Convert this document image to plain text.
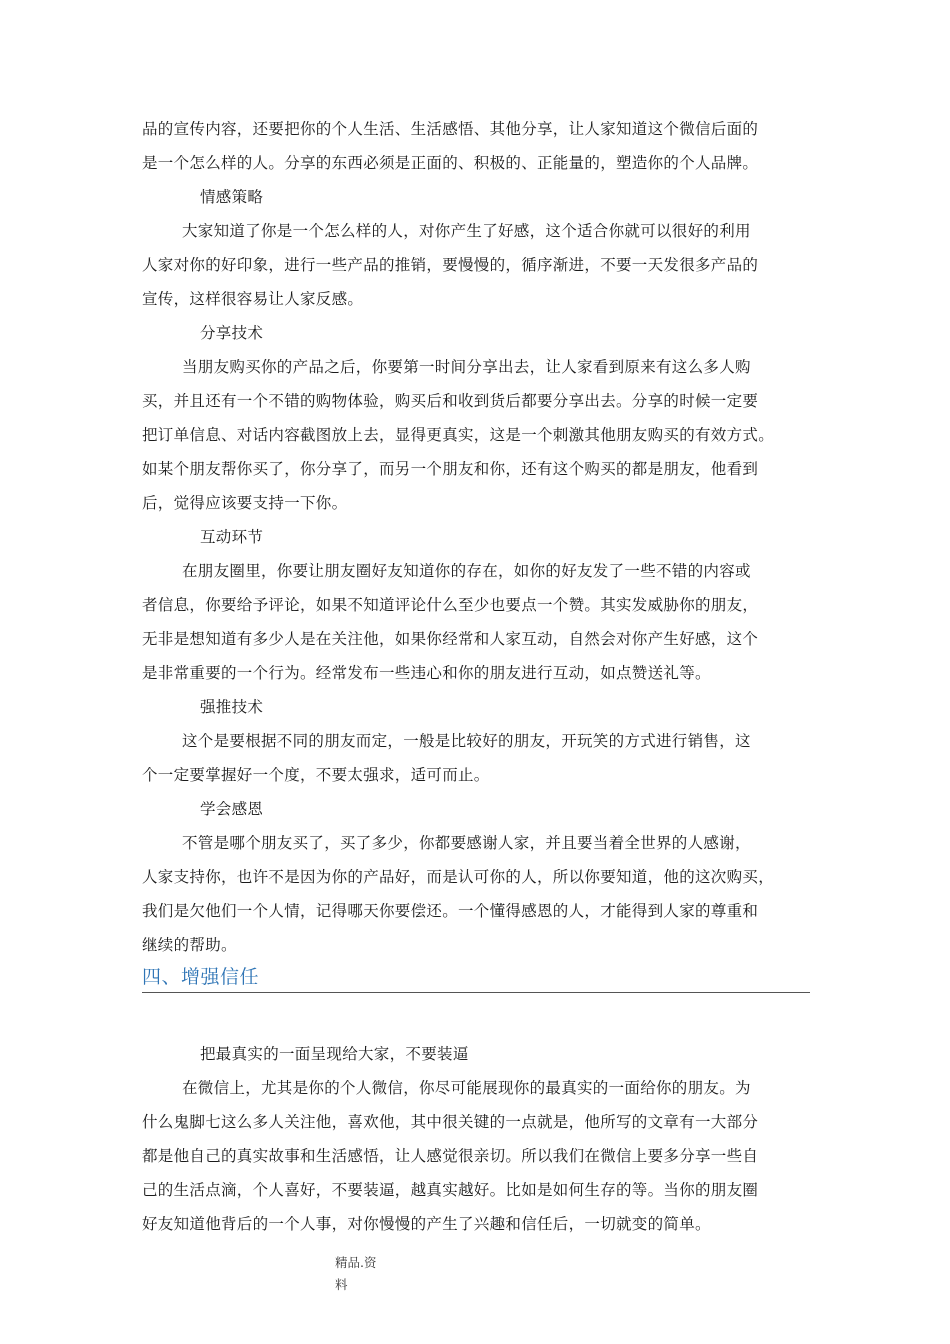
品的宣传内容，还要把你的个人生活、生活感悟、其他分享，让人家知道这个微信后面的
是一个怎么样的人。分享的东西必须是正面的、积极的、正能量的，塑造你的个人品牌。
情感策略
大家知道了你是一个怎么样的人，对你产生了好感，这个适合你就可以很好的利用
人家对你的好印象，进行一些产品的推销，要慢慢的，循序渐进，不要一天发很多产品的
宣传，这样很容易让人家反感。
分享技术
当朋友购买你的产品之后，你要第一时间分享出去，让人家看到原来有这么多人购
买，并且还有一个不错的购物体验，购买后和收到货后都要分享出去。分享的时候一定要
把订单信息、对话内容截图放上去，显得更真实，这是一个刺激其他朋友购买的有效方式。
如某个朋友帮你买了，你分享了，而另一个朋友和你，还有这个购买的都是朋友，他看到
后，觉得应该要支持一下你。
互动环节
在朋友圈里，你要让朋友圈好友知道你的存在，如你的好友发了一些不错的内容或
者信息，你要给予评论，如果不知道评论什么至少也要点一个赞。其实发威胁你的朋友，
无非是想知道有多少人是在关注他，如果你经常和人家互动，自然会对你产生好感，这个
是非常重要的一个行为。经常发布一些违心和你的朋友进行互动，如点赞送礼等。
强推技术
这个是要根据不同的朋友而定，一般是比较好的朋友，开玩笑的方式进行销售，这
个一定要掌握好一个度，不要太强求，适可而止。
学会感恩
不管是哪个朋友买了，买了多少，你都要感谢人家，并且要当着全世界的人感谢，
人家支持你，也许不是因为你的产品好，而是认可你的人，所以你要知道，他的这次购买，
我们是欠他们一个人情，记得哪天你要偿还。一个懂得感恩的人，才能得到人家的尊重和
继续的帮助。
四、增强信任
把最真实的一面呈现给大家，不要装逼
在微信上，尤其是你的个人微信，你尽可能展现你的最真实的一面给你的朋友。为
什么鬼脚七这么多人关注他，喜欢他，其中很关键的一点就是，他所写的文章有一大部分
都是他自己的真实故事和生活感悟，让人感觉很亲切。所以我们在微信上要多分享一些自
己的生活点滴，个人喜好，不要装逼，越真实越好。比如是如何生存的等。当你的朋友圈
好友知道他背后的一个人事，对你慢慢的产生了兴趣和信任后，一切就变的简单。
精品.资
料
